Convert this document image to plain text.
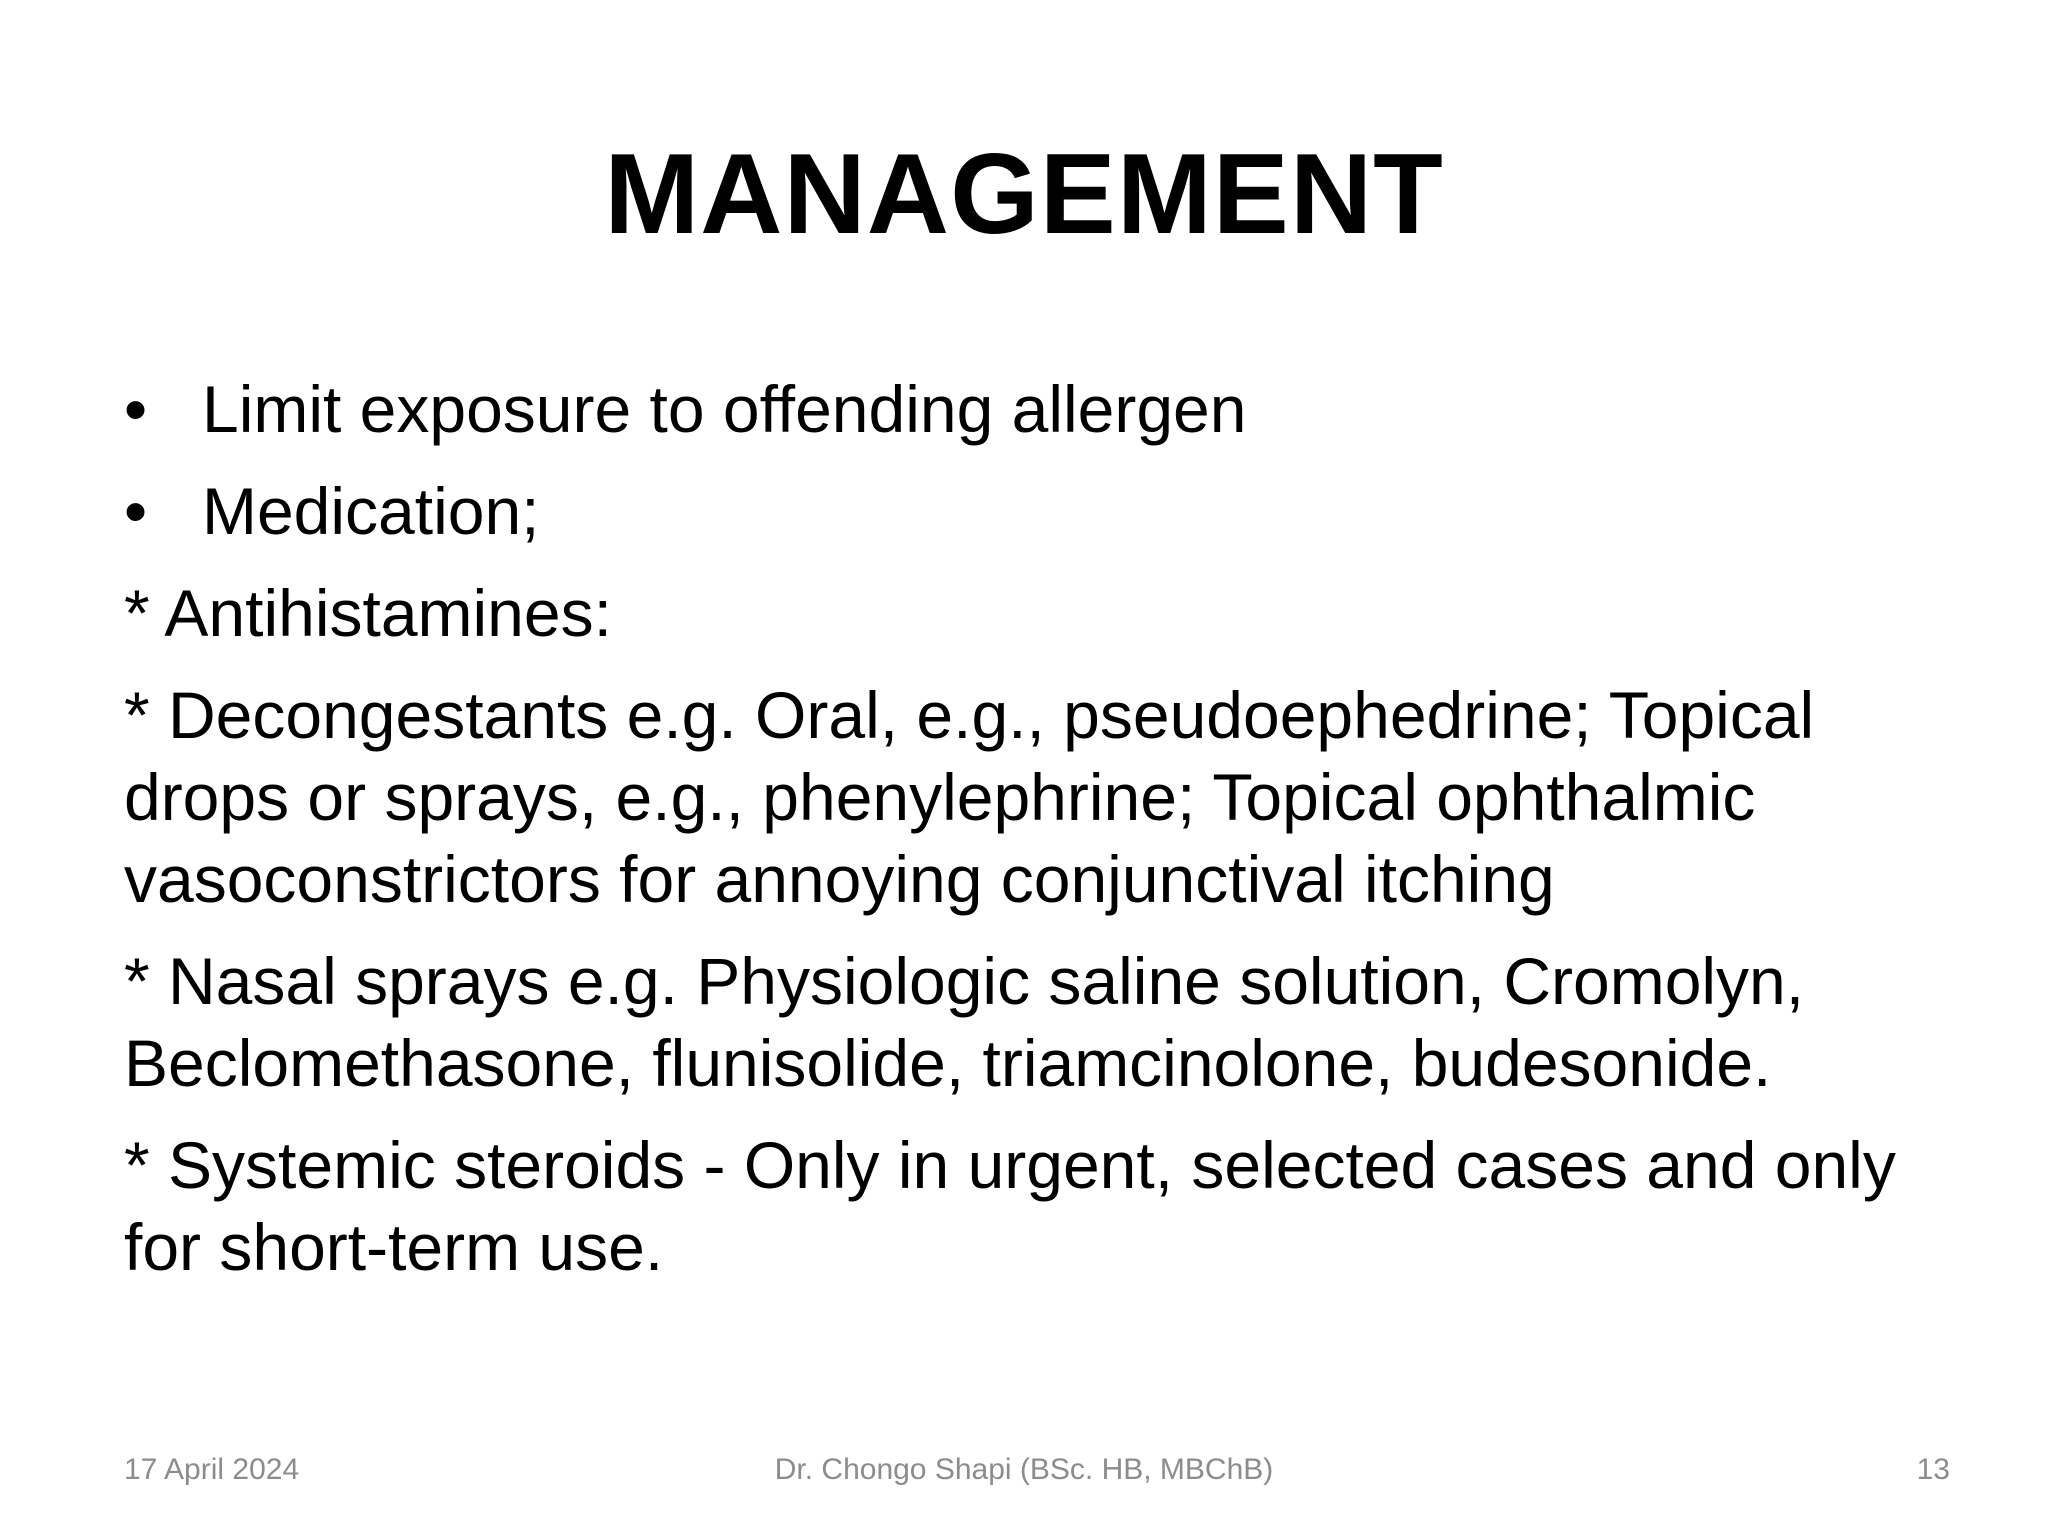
MANAGEMENT
• Limit exposure to offending allergen
• Medication;
* Antihistamines:
* Decongestants e.g. Oral, e.g., pseudoephedrine; Topical drops or sprays, e.g., phenylephrine; Topical ophthalmic vasoconstrictors for annoying conjunctival itching
* Nasal sprays e.g. Physiologic saline solution, Cromolyn, Beclomethasone, flunisolide, triamcinolone, budesonide.
* Systemic steroids - Only in urgent, selected cases and only for short-term use.
17 April 2024	Dr. Chongo Shapi (BSc. HB, MBChB)	13
